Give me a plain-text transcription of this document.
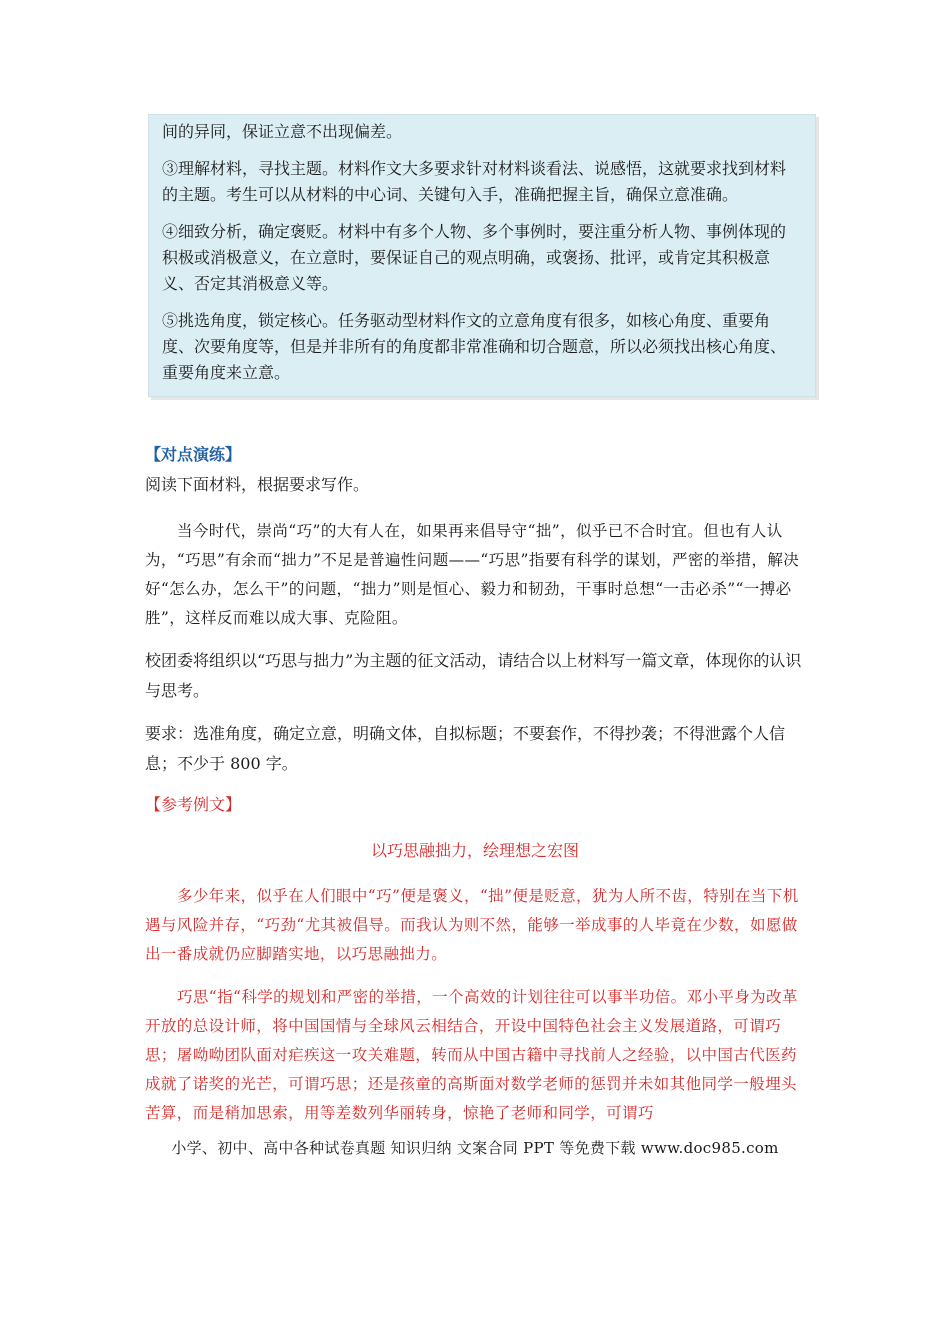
间的异同，保证立意不出现偏差。

③理解材料，寻找主题。材料作文大多要求针对材料谈看法、说感悟，这就要求找到材料的主题。考生可以从材料的中心词、关键句入手，准确把握主旨，确保立意准确。

④细致分析，确定褒贬。材料中有多个人物、多个事例时，要注重分析人物、事例体现的积极或消极意义，在立意时，要保证自己的观点明确，或褒扬、批评，或肯定其积极意义、否定其消极意义等。

⑤挑选角度，锁定核心。任务驱动型材料作文的立意角度有很多，如核心角度、重要角度、次要角度等，但是并非所有的角度都非常准确和切合题意，所以必须找出核心角度、重要角度来立意。

【对点演练】

阅读下面材料，根据要求写作。

当今时代，崇尚“巧”的大有人在，如果再来倡导守“拙”，似乎已不合时宜。但也有人认为，“巧思”有余而“拙力”不足是普遍性问题——“巧思”指要有科学的谋划，严密的举措，解决好“怎么办，怎么干”的问题，“拙力”则是恒心、毅力和韧劲，干事时总想“一击必杀”“一搏必胜”，这样反而难以成大事、克险阻。

校团委将组织以“巧思与拙力”为主题的征文活动，请结合以上材料写一篇文章，体现你的认识与思考。

要求：选准角度，确定立意，明确文体，自拟标题；不要套作，不得抄袭；不得泄露个人信息；不少于 800 字。

【参考例文】
以巧思融拙力，绘理想之宏图

多少年来，似乎在人们眼中“巧”便是褒义，“拙”便是贬意，犹为人所不齿，特别在当下机遇与风险并存，“巧劲“尤其被倡导。而我认为则不然，能够一举成事的人毕竟在少数，如愿做出一番成就仍应脚踏实地，以巧思融拙力。

巧思“指“科学的规划和严密的举措，一个高效的计划往往可以事半功倍。邓小平身为改革开放的总设计师，将中国国情与全球风云相结合，开设中国特色社会主义发展道路，可谓巧思；屠呦呦团队面对疟疾这一攻关难题，转而从中国古籍中寻找前人之经验，以中国古代医药成就了诺奖的光芒，可谓巧思；还是孩童的高斯面对数学老师的惩罚并未如其他同学一般埋头苦算，而是稍加思索，用等差数列华丽转身，惊艳了老师和同学，可谓巧

小学、初中、高中各种试卷真题 知识归纳 文案合同 PPT 等免费下载 www.doc985.com
